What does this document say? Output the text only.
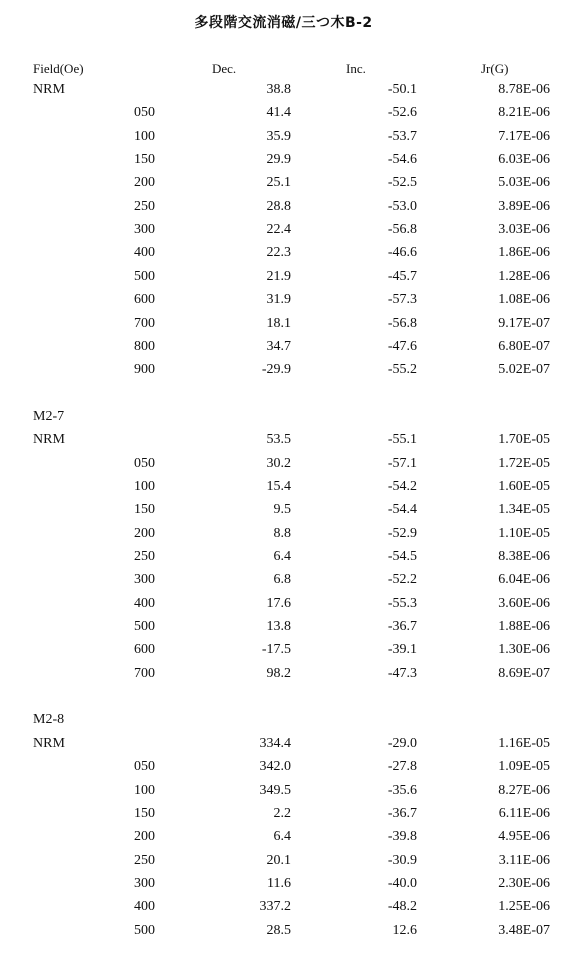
多段階交流消磁/三つ木B-2
Field(Oe)	Dec.	Inc.	Jr(G)
NRM	38.8	-50.1	8.78E-06
050	41.4	-52.6	8.21E-06
100	35.9	-53.7	7.17E-06
150	29.9	-54.6	6.03E-06
200	25.1	-52.5	5.03E-06
250	28.8	-53.0	3.89E-06
300	22.4	-56.8	3.03E-06
400	22.3	-46.6	1.86E-06
500	21.9	-45.7	1.28E-06
600	31.9	-57.3	1.08E-06
700	18.1	-56.8	9.17E-07
800	34.7	-47.6	6.80E-07
900	-29.9	-55.2	5.02E-07
M2-7
NRM	53.5	-55.1	1.70E-05
050	30.2	-57.1	1.72E-05
100	15.4	-54.2	1.60E-05
150	9.5	-54.4	1.34E-05
200	8.8	-52.9	1.10E-05
250	6.4	-54.5	8.38E-06
300	6.8	-52.2	6.04E-06
400	17.6	-55.3	3.60E-06
500	13.8	-36.7	1.88E-06
600	-17.5	-39.1	1.30E-06
700	98.2	-47.3	8.69E-07
M2-8
NRM	334.4	-29.0	1.16E-05
050	342.0	-27.8	1.09E-05
100	349.5	-35.6	8.27E-06
150	2.2	-36.7	6.11E-06
200	6.4	-39.8	4.95E-06
250	20.1	-30.9	3.11E-06
300	11.6	-40.0	2.30E-06
400	337.2	-48.2	1.25E-06
500	28.5	12.6	3.48E-07
